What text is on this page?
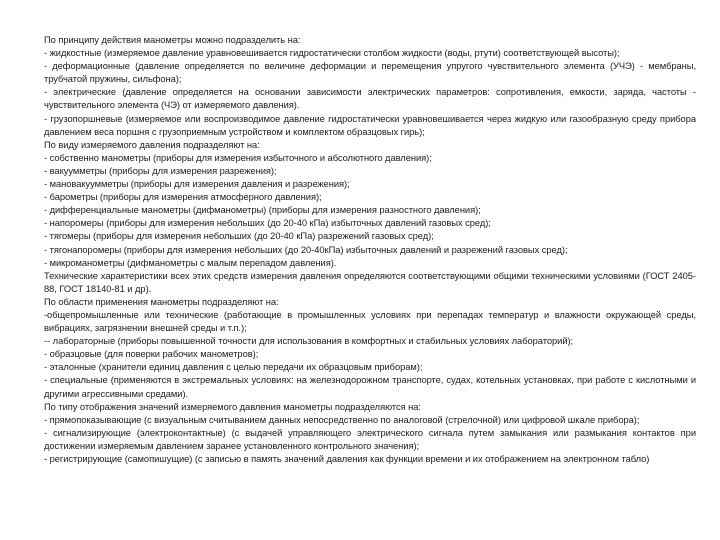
По принципу действия манометры можно подразделить на:

- жидкостные (измеряемое давление уравновешивается гидростатически столбом жидкости (воды, ртути) соответствующей высоты);

- деформационные (давление определяется по величине деформации и перемещения упругого чувствительного элемента (УЧЭ) - мембраны, трубчатой пружины, сильфона);

- электрические (давление определяется на основании зависимости электрических параметров: сопротивления, емкости, заряда, частоты - чувствительного элемента (ЧЭ) от измеряемого давления).

- грузопоршневые (измеряемое или воспроизводимое давление гидростатически уравновешивается через жидкую или газообразную среду прибора давлением веса поршня с грузоприемным устройством и комплектом образцовых гирь);

По виду измеряемого давления подразделяют на:

- собственно манометры (приборы для измерения избыточного и абсолютного давления);

- вакуумметры (приборы для измерения разрежения);

- мановакуумметры (приборы для измерения давления и разрежения);

- барометры (приборы для измерения атмосферного давления);

- дифференциальные манометры (дифманометры) (приборы для измерения разностного давления);

- напоромеры (приборы для измерения небольших (до 20-40 кПа) избыточных давлений газовых сред);

- тягомеры (приборы для измерения небольших (до 20-40 кПа) разрежений газовых сред);

- тягонапоромеры (приборы для измерения небольших (до 20-40кПа) избыточных давлений и разрежений газовых сред);

- микроманометры (дифманометры с малым перепадом давления).

Технические характеристики всех этих средств измерения давления определяются соответствующими общими техническими условиями (ГОСТ 2405-88, ГОСТ 18140-81 и др).

По области применения манометры подразделяют на:

-общепромышленные или технические (работающие в промышленных условиях при перепадах температур и влажности окружающей среды, вибрациях, загрязнении внешней среды и т.п.);

-- лабораторные (приборы повышенной точности для использования в комфортных и стабильных условиях лабораторий);

- образцовые (для поверки рабочих манометров);

- эталонные (хранители единиц давления с целью передачи их образцовым приборам);

- специальные (применяются в экстремальных условиях: на железнодорожном транспорте, судах, котельных установках, при работе с кислотными и другими агрессивными средами).

По типу отображения значений измеряемого давления манометры подразделяются на:

- прямопоказывающие (с визуальным считыванием данных непосредственно по аналоговой (стрелочной) или цифровой шкале прибора);

- сигнализирующие (электроконтактные) (с выдачей управляющего электрического сигнала путем замыкания или размыкания контактов при достижении измеряемым давлением заранее установленного контрольного значения);

- регистрирующие (самопишущие) (с записью в память значений давления как функции времени и их отображением на электронном табло)
